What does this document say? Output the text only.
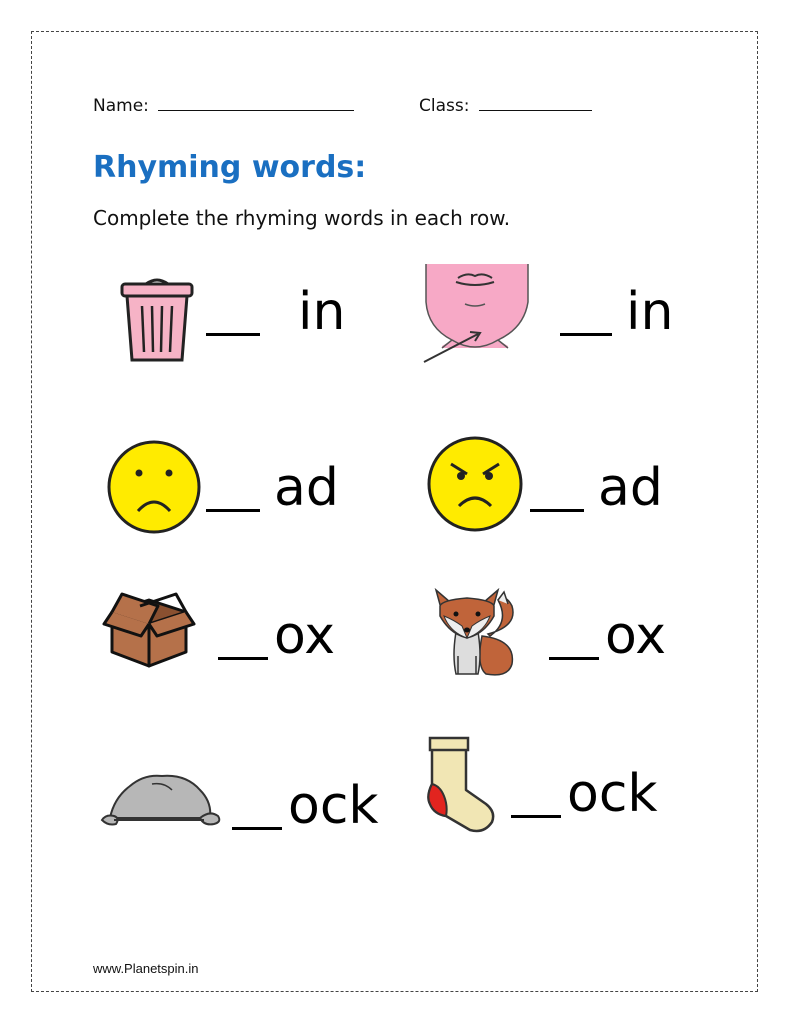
Name:	Class:
Rhyming words:
Complete the rhyming words in each row.
in	in
ad	ad
ox	ox
ock	ock
www.Planetspin.in
